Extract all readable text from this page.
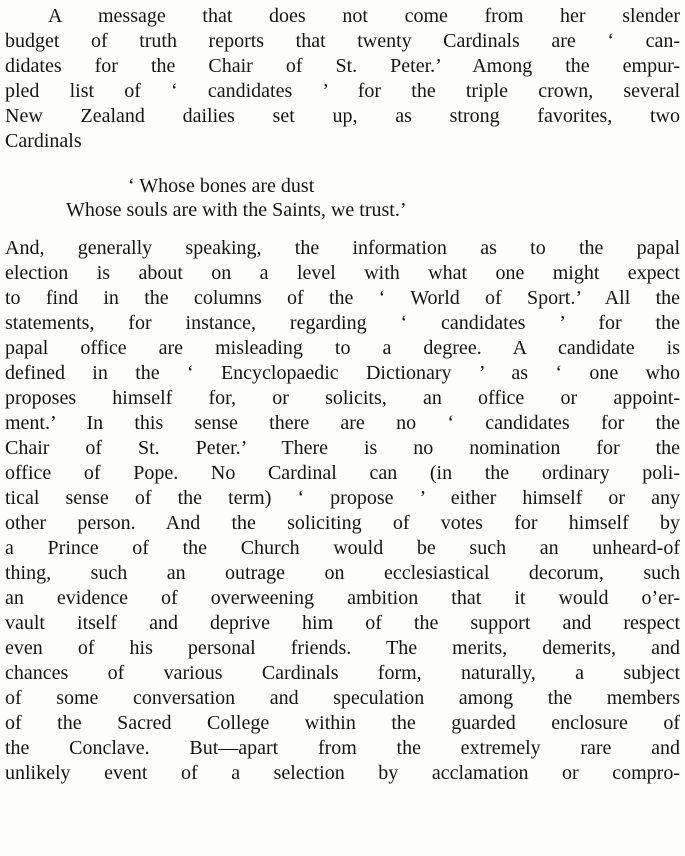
A message that does not come from her slender
budget of truth reports that twenty Cardinals are ‘ can-
didates for the Chair of St. Peter.’ Among the empur-
pled list of ‘ candidates ’ for the triple crown, several
New Zealand dailies set up, as strong favorites, two
Cardinals
‘ Whose bones are dust
Whose souls are with the Saints, we trust.’
And, generally speaking, the information as to the papal
election is about on a level with what one might expect
to find in the columns of the ‘ World of Sport.’ All the
statements, for instance, regarding ‘ candidates ’ for the
papal office are misleading to a degree. A candidate is
defined in the ‘ Encyclopaedic Dictionary ’ as ‘ one who
proposes himself for, or solicits, an office or appoint-
ment.’ In this sense there are no ‘ candidates for the
Chair of St. Peter.’ There is no nomination for the
office of Pope. No Cardinal can (in the ordinary poli-
tical sense of the term) ‘ propose ’ either himself or any
other person. And the soliciting of votes for himself by
a Prince of the Church would be such an unheard-of
thing, such an outrage on ecclesiastical decorum, such
an evidence of overweening ambition that it would o’er-
vault itself and deprive him of the support and respect
even of his personal friends. The merits, demerits, and
chances of various Cardinals form, naturally, a subject
of some conversation and speculation among the members
of the Sacred College within the guarded enclosure of
the Conclave. But—apart from the extremely rare and
unlikely event of a selection by acclamation or compro-
